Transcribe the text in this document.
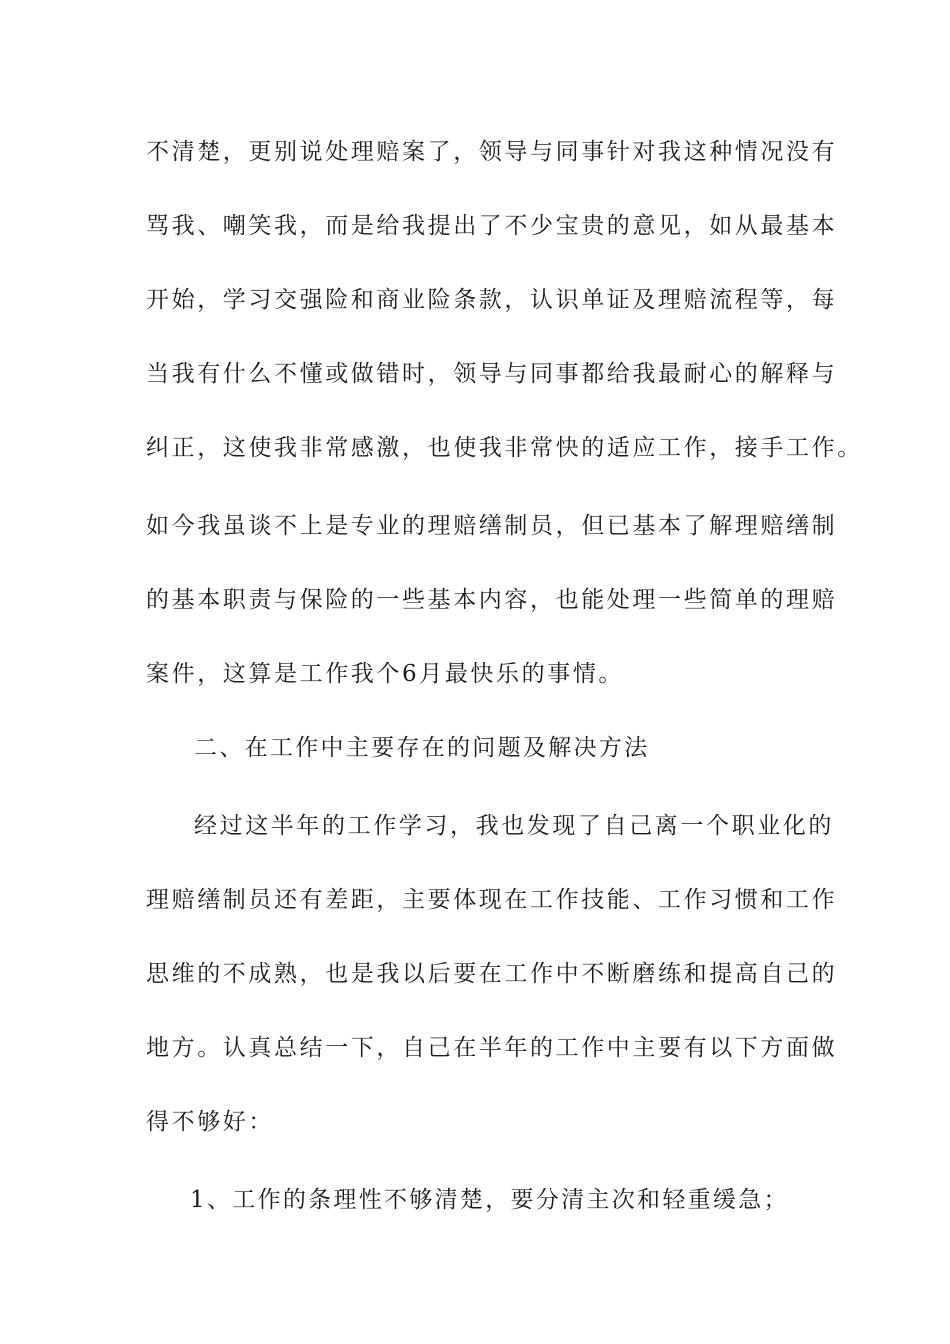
不清楚，更别说处理赔案了，领导与同事针对我这种情况没有
骂我、嘲笑我，而是给我提出了不少宝贵的意见，如从最基本
开始，学习交强险和商业险条款，认识单证及理赔流程等，每
当我有什么不懂或做错时，领导与同事都给我最耐心的解释与
纠正，这使我非常感激，也使我非常快的适应工作，接手工作。
如今我虽谈不上是专业的理赔缮制员，但已基本了解理赔缮制
的基本职责与保险的一些基本内容，也能处理一些简单的理赔
案件，这算是工作我个6月最快乐的事情。
二、在工作中主要存在的问题及解决方法
经过这半年的工作学习，我也发现了自己离一个职业化的
理赔缮制员还有差距，主要体现在工作技能、工作习惯和工作
思维的不成熟，也是我以后要在工作中不断磨练和提高自己的
地方。认真总结一下，自己在半年的工作中主要有以下方面做
得不够好：
1、工作的条理性不够清楚，要分清主次和轻重缓急；
